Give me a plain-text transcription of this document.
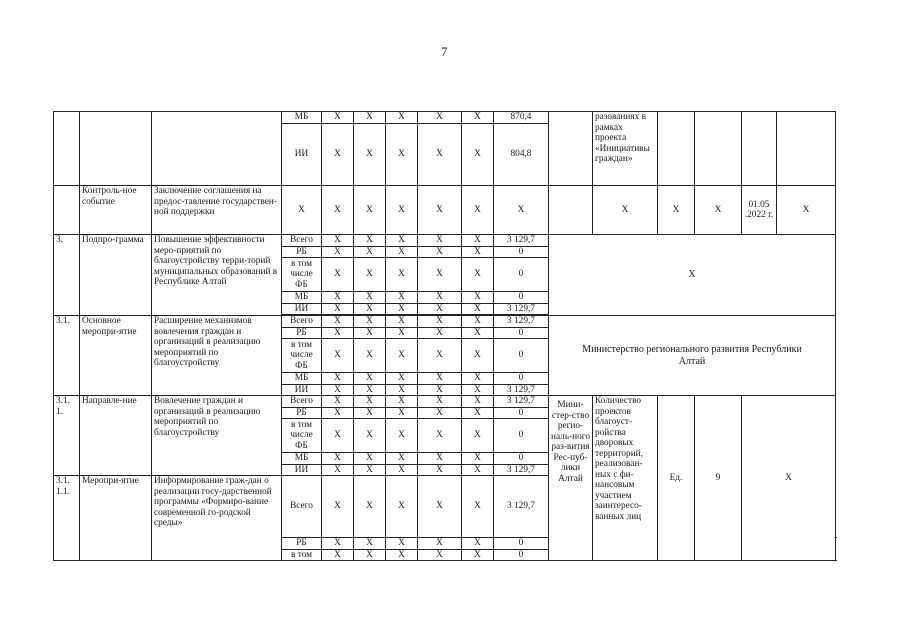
7
			МБ	X	X	X	X	X	870,4		разованиях в рамках проекта «Инициативы граждан»					
			ИИ	X	X	X	X	X	804,8							
	Контроль-ное событие	Заключение соглашения на предос-тавление государствен-ной поддержки	X	X	X	X	X	X	X		X	X	X	01.05 .2022 г.	X	
3.	Подпро-грамма	Повышение эффективности меро-приятий по благоустройству терри-торий муниципальных образований в Республике Алтай	Всего	X	X	X	X	X	3 129,7	X						
			РБ	X	X	X	X	X	0							
			в том числе ФБ	X	X	X	X	X	0							
			МБ	X	X	X	X	X	0							
			ИИ	X	X	X	X	X	3 129,7							

3.1.	Основное меропри-ятие	Расширение механизмов вовлечения граждан и организаций в реализацию мероприятий по благоустройству	Всего	X	X	X	X	X	3 129,7	Министерство регионального развития Республики Алтай						
			РБ	X	X	X	X	X	0							
			в том числе ФБ	X	X	X	X	X	0							
			МБ	X	X	X	X	X	0							
			ИИ	X	X	X	X	X	3 129,7							
3.1. 1.	Направле-ние	Вовлечение граждан и организаций в реализацию мероприятий по благоустройству	Всего	X	X	X	X	X	3 129,7	Мини-стер-ство регио-наль-ного раз-вития Рес-пуб-лики Алтай	Количество проектов благоуст-ройства дворовых территорий, реализован-ных с фи-нансовым участием заинтересо-ванных лиц	Ед.	9	X		
			РБ	X	X	X	X	X	0							
			в том числе ФБ	X	X	X	X	X	0							
			МБ	X	X	X	X	X	0							
			ИИ	X	X	X	X	X	3 129,7							
3.1. 1.1.	Меропри-ятие	Информирование граж-дан о реализации госу-дарственной программы «Формиро-вание современной го-родской среды»	Всего	X	X	X	X	X	3 129,7							
			РБ	X	X	X	X	X	0				
			в том	X	X	X	X	X	0							
